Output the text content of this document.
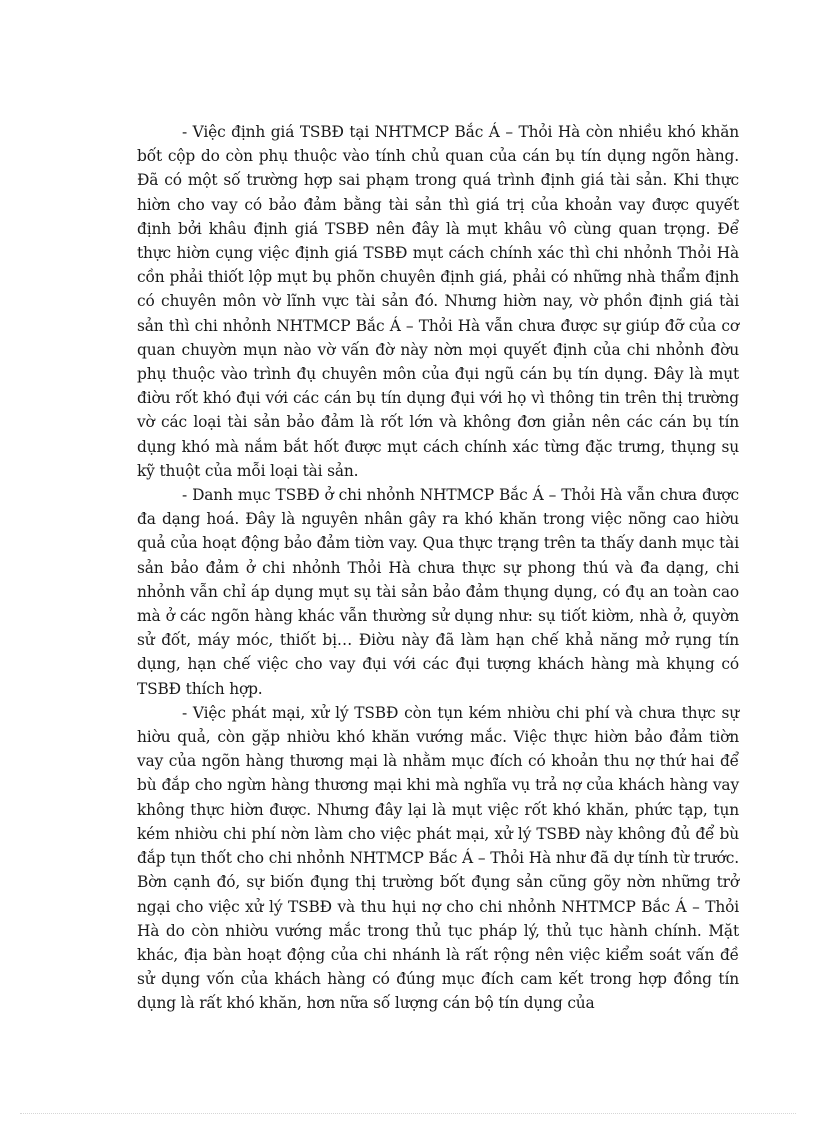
- Việc định giá TSBĐ tại NHTMCP Bắc Á – Thỏi Hà còn nhiều khó khăn bốt cộp do còn phụ thuộc vào tính chủ quan của cán bụ tín dụng ngõn hàng. Đã có một số trường hợp sai phạm trong quá trình định giá tài sản. Khi thực hiờn cho vay có bảo đảm bằng tài sản thì giá trị của khoản vay được quyết định bởi khâu định giá TSBĐ nên đây là mụt khâu vô cùng quan trọng. Để thực hiờn cụng việc định giá TSBĐ mụt cách chính xác thì chi nhỏnh Thỏi Hà cồn phải thiốt lộp mụt bụ phõn chuyên định giá, phải có những nhà thẩm định có chuyên môn vờ lĩnh vực tài sản đó. Nhưng hiờn nay, vờ phồn định giá tài sản thì chi nhỏnh NHTMCP Bắc Á – Thỏi Hà vẫn chưa được sự giúp đỡ của cơ quan chuyờn mụn nào vờ vấn đờ này nờn mọi quyết định của chi nhỏnh đờu phụ thuộc vào trình đụ chuyên môn của đụi ngũ cán bụ tín dụng. Đây là mụt điờu rốt khó đụi với các cán bụ tín dụng đụi với họ vì thông tin trên thị trường vờ các loại tài sản bảo đảm là rốt lớn và không đơn giản nên các cán bụ tín dụng khó mà nắm bắt hốt được mụt cách chính xác từng đặc trưng, thụng sụ kỹ thuột của mỗi loại tài sản.

- Danh mục TSBĐ ở chi nhỏnh NHTMCP Bắc Á – Thỏi Hà vẫn chưa được đa dạng hoá. Đây là nguyên nhân gây ra khó khăn trong việc nõng cao hiờu quả của hoạt động bảo đảm tiờn vay. Qua thực trạng trên ta thấy danh mục tài sản bảo đảm ở chi nhỏnh Thỏi Hà chưa thực sự phong thú và đa dạng, chi nhỏnh vẫn chỉ áp dụng mụt sụ tài sản bảo đảm thụng dụng, có đụ an toàn cao mà ở các ngõn hàng khác vẫn thường sử dụng như: sụ tiốt kiờm, nhà ở, quyờn sử đốt, máy móc, thiốt bị… Điờu này đã làm hạn chế khả năng mở rụng tín dụng, hạn chế việc cho vay đụi với các đụi tượng khách hàng mà khụng có TSBĐ thích hợp.

- Việc phát mại, xử lý TSBĐ còn tụn kém nhiờu chi phí và chưa thực sự hiờu quả, còn gặp nhiờu khó khăn vướng mắc. Việc thực hiờn bảo đảm tiờn vay của ngõn hàng thương mại là nhằm mục đích có khoản thu nợ thứ hai để bù đắp cho ngừn hàng thương mại khi mà nghĩa vụ trả nợ của khách hàng vay không thực hiờn được. Nhưng đây lại là mụt việc rốt khó khăn, phức tạp, tụn kém nhiờu chi phí nờn làm cho việc phát mại, xử lý TSBĐ này không đủ để bù đắp tụn thốt cho chi nhỏnh NHTMCP Bắc Á – Thỏi Hà như đã dự tính từ trước. Bờn cạnh đó, sự biốn đụng thị trường bốt đụng sản cũng gõy nờn những trở ngại cho việc xử lý TSBĐ và thu hụi nợ cho chi nhỏnh NHTMCP Bắc Á – Thỏi Hà do còn nhiờu vướng mắc trong thủ tục pháp lý, thủ tục hành chính. Mặt khác, địa bàn hoạt động của chi nhánh là rất rộng nên việc kiểm soát vấn đề sử dụng vốn của khách hàng có đúng mục đích cam kết trong hợp đồng tín dụng là rất khó khăn, hơn nữa số lượng cán bộ tín dụng của
